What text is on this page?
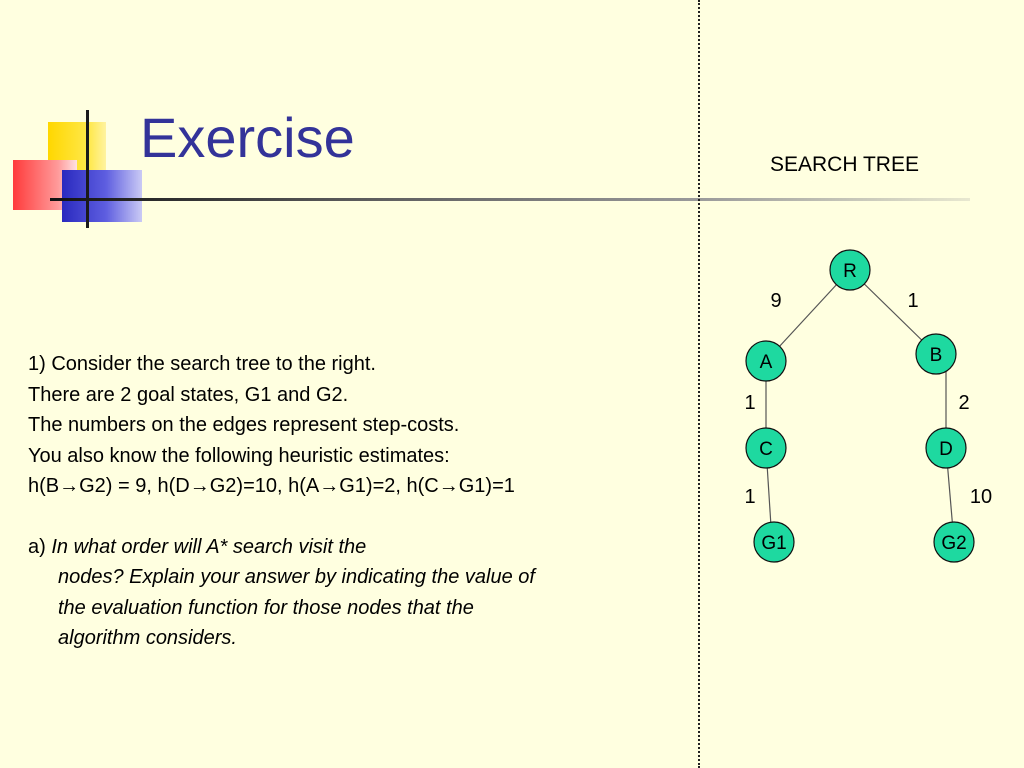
Exercise	SEARCH TREE
1) Consider the search tree to the right.
There are 2 goal states, G1 and G2.
The numbers on the edges represent step-costs.
You also know the following heuristic estimates:
h(B→G2) = 9, h(D→G2)=10, h(A→G1)=2, h(C→G1)=1
a) In what order will A* search visit the
nodes? Explain your answer by indicating the value of
the evaluation function for those nodes that the
algorithm considers.
R
A	B
C	D
G1	G2
9	1
1	2
1	10
